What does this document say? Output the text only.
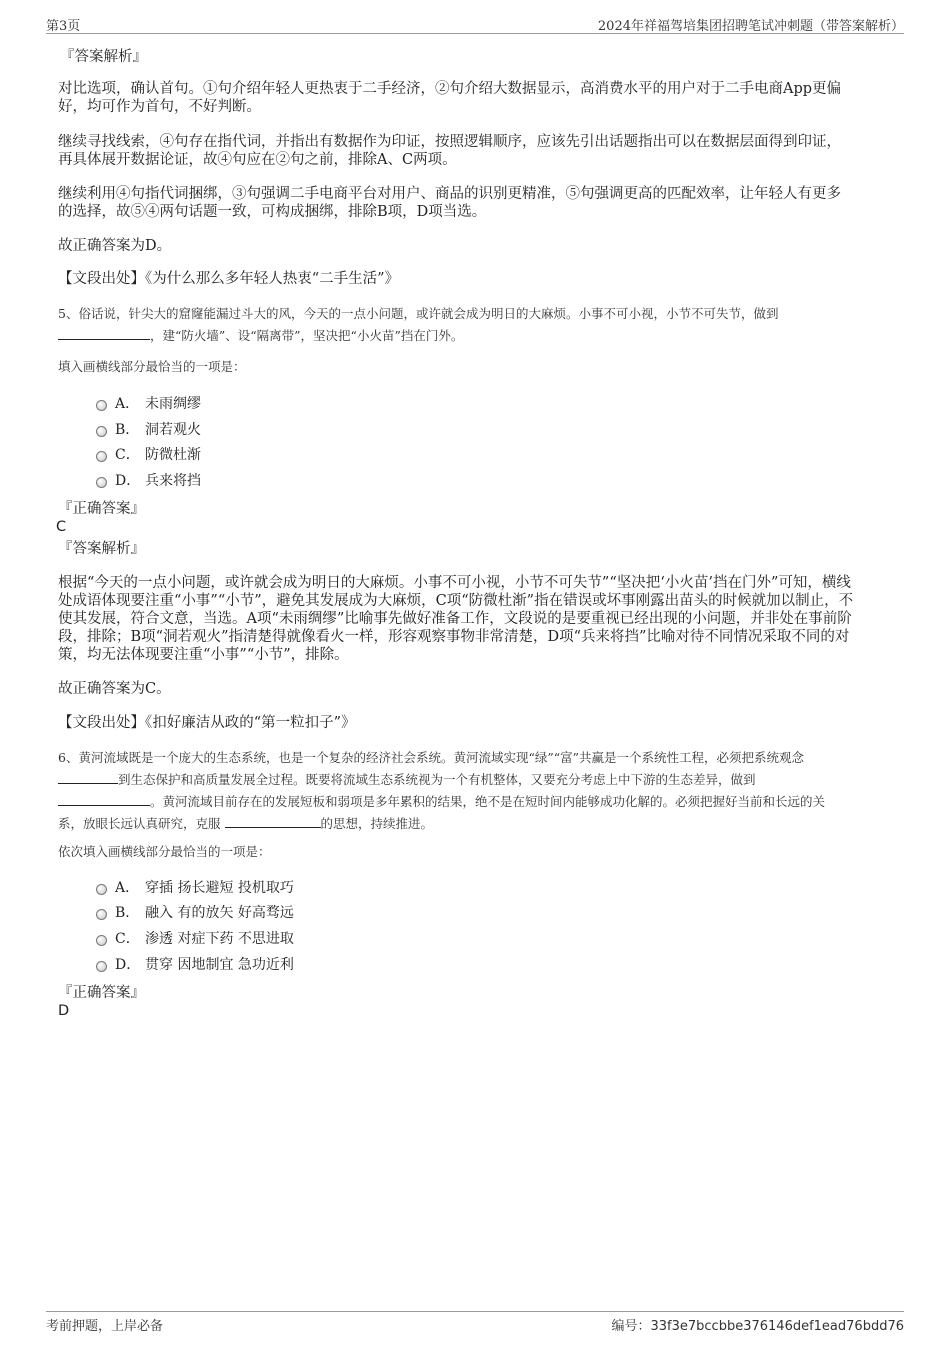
第3页	2024年祥福驾培集团招聘笔试冲刺题（带答案解析）
『答案解析』
对比选项，确认首句。①句介绍年轻人更热衷于二手经济，②句介绍大数据显示，高消费水平的用户对于二手电商App更偏
好，均可作为首句，不好判断。
继续寻找线索，④句存在指代词，并指出有数据作为印证，按照逻辑顺序，应该先引出话题指出可以在数据层面得到印证，
再具体展开数据论证，故④句应在②句之前，排除A、C两项。
继续利用④句指代词捆绑，③句强调二手电商平台对用户、商品的识别更精准，⑤句强调更高的匹配效率，让年轻人有更多
的选择，故⑤④两句话题一致，可构成捆绑，排除B项，D项当选。
故正确答案为D。
【文段出处】《为什么那么多年轻人热衷“二手生活”》
5、俗话说，针尖大的窟窿能漏过斗大的风，今天的一点小问题，或许就会成为明日的大麻烦。小事不可小视，小节不可失节，做到
，建“防火墙”、设“隔离带”，坚决把“小火苗”挡在门外。
填入画横线部分最恰当的一项是：
A． 未雨绸缪
B． 洞若观火
C． 防微杜渐
D． 兵来将挡
『正确答案』
C
『答案解析』
根据“今天的一点小问题，或许就会成为明日的大麻烦。小事不可小视，小节不可失节”“坚决把‘小火苗’挡在门外”可知，横线
处成语体现要注重“小事”“小节”，避免其发展成为大麻烦，C项“防微杜渐”指在错误或坏事刚露出苗头的时候就加以制止，不
使其发展，符合文意，当选。A项“未雨绸缪”比喻事先做好准备工作，文段说的是要重视已经出现的小问题，并非处在事前阶
段，排除；B项“洞若观火”指清楚得就像看火一样，形容观察事物非常清楚，D项“兵来将挡”比喻对待不同情况采取不同的对
策，均无法体现要注重“小事”“小节”，排除。
故正确答案为C。
【文段出处】《扣好廉洁从政的“第一粒扣子”》
6、黄河流域既是一个庞大的生态系统，也是一个复杂的经济社会系统。黄河流域实现“绿”“富”共赢是一个系统性工程，必须把系统观念
到生态保护和高质量发展全过程。既要将流域生态系统视为一个有机整体，又要充分考虑上中下游的生态差异，做到
。黄河流域目前存在的发展短板和弱项是多年累积的结果，绝不是在短时间内能够成功化解的。必须把握好当前和长远的关
系，放眼长远认真研究，克服	的思想，持续推进。
依次填入画横线部分最恰当的一项是：
A． 穿插 扬长避短 投机取巧
B． 融入 有的放矢 好高骛远
C． 渗透 对症下药 不思进取
D． 贯穿 因地制宜 急功近利
『正确答案』
D
考前押题，上岸必备	编号：33f3e7bccbbe376146def1ead76bdd76
